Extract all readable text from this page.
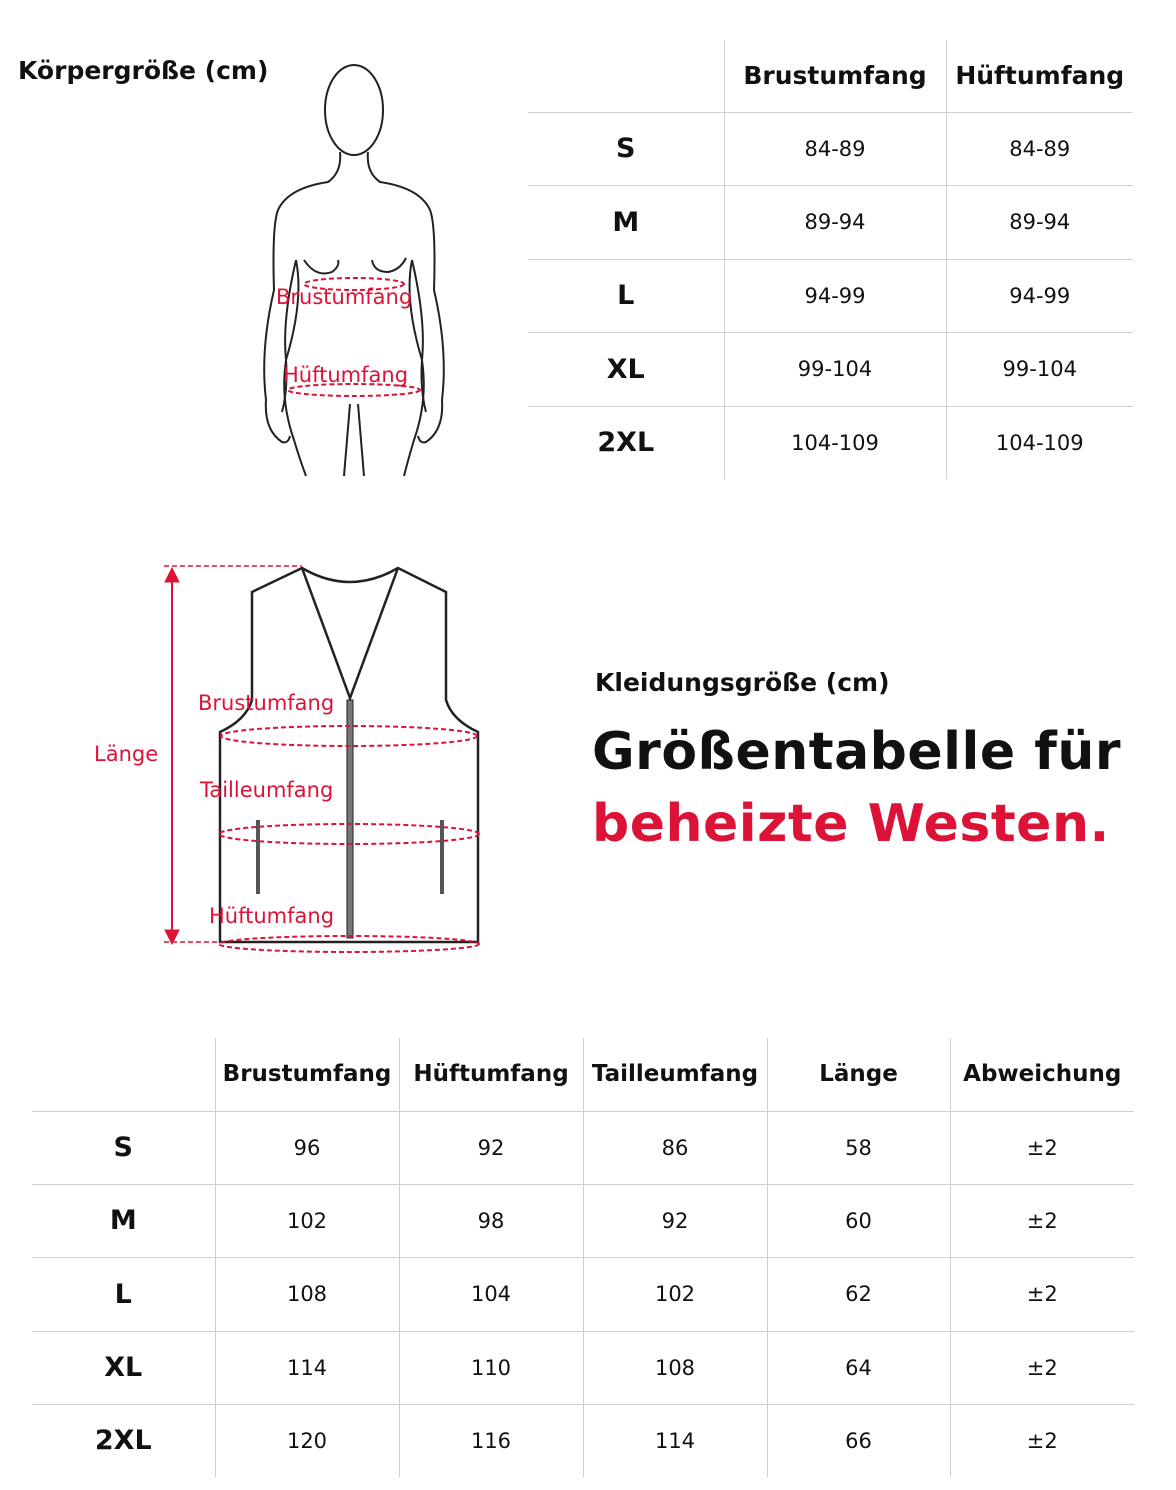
Körpergröße (cm)
Brustumfang
Hüftumfang
	Brustumfang	Hüftumfang
S	84-89	84-89
M	89-94	89-94
L	94-99	94-99
XL	99-104	99-104
2XL	104-109	104-109
Länge
Brustumfang
Tailleumfang
Hüftumfang
Kleidungsgröße (cm)
Größentabelle für
beheizte Westen.
	Brustumfang	Hüftumfang	Tailleumfang	Länge	Abweichung
S	96	92	86	58	±2
M	102	98	92	60	±2
L	108	104	102	62	±2
XL	114	110	108	64	±2
2XL	120	116	114	66	±2
